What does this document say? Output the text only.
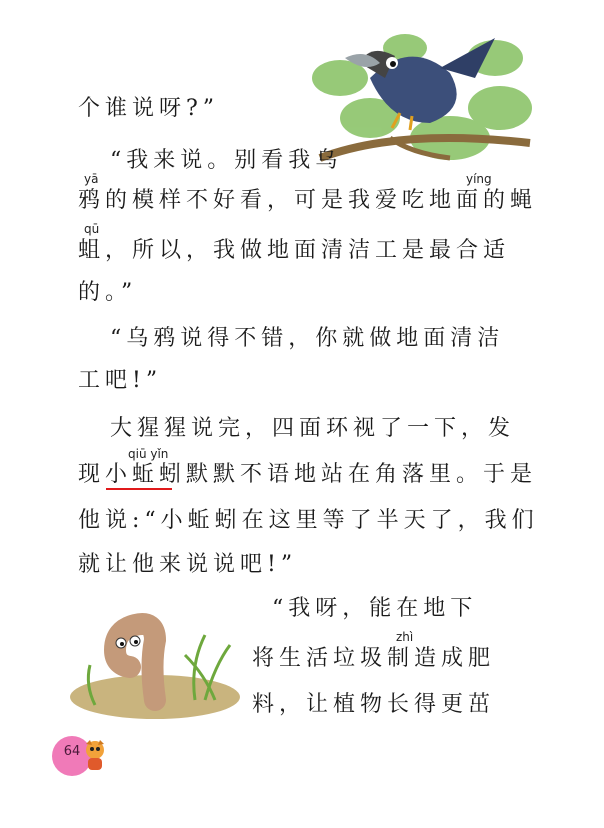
yā	yíng
qū
qiū yǐn
zhì
个谁说呀?”
“我来说。别看我乌
鸦的模样不好看，可是我爱吃地面的蝇
蛆，所以，我做地面清洁工是最合适
的。”
“乌鸦说得不错，你就做地面清洁
工吧!”
大猩猩说完，四面环视了一下，发
现小蚯蚓默默不语地站在角落里。于是
他说:“小蚯蚓在这里等了半天了，我们
就让他来说说吧!”
“我呀，能在地下
将生活垃圾制造成肥
料，让植物长得更茁
64
